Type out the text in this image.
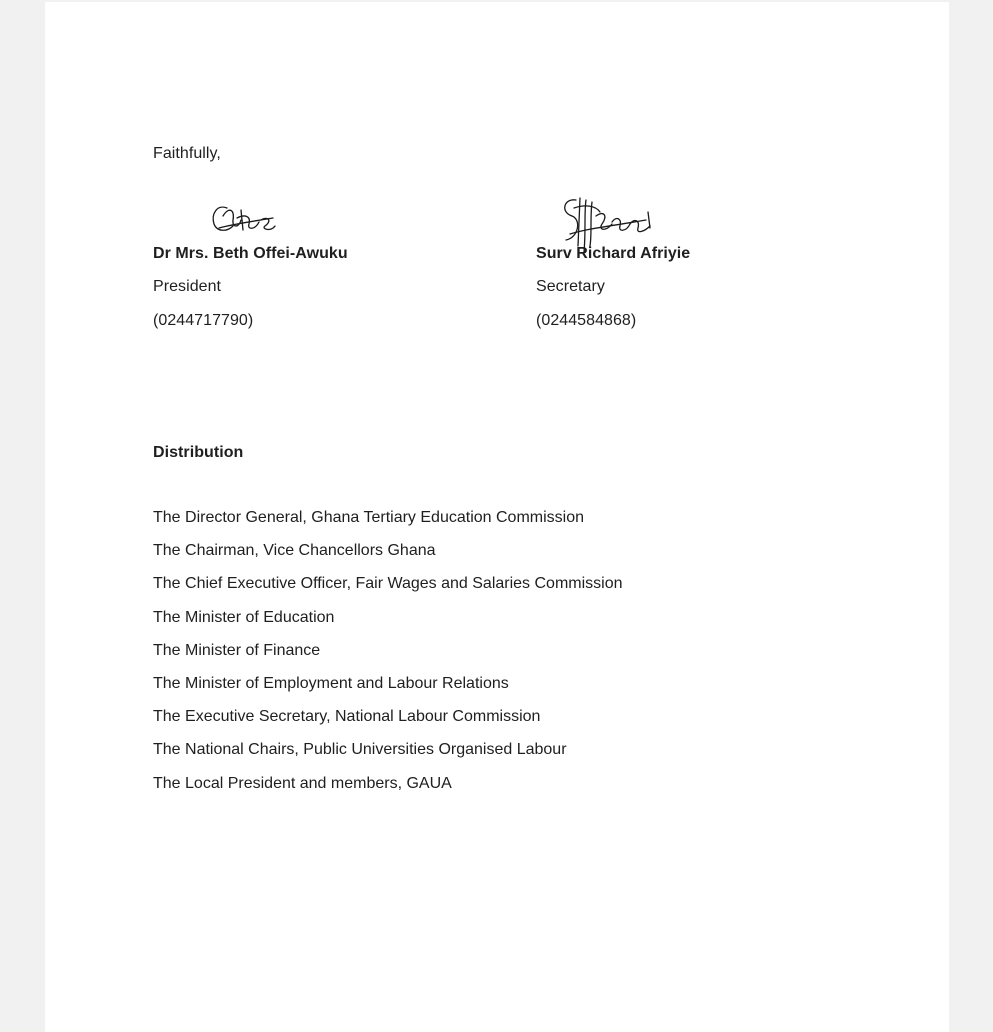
Faithfully,
Dr Mrs. Beth Offei-Awuku
President
(0244717790)
Surv Richard Afriyie
Secretary
(0244584868)
Distribution
The Director General, Ghana Tertiary Education Commission
The Chairman, Vice Chancellors Ghana
The Chief Executive Officer, Fair Wages and Salaries Commission
The Minister of Education
The Minister of Finance
The Minister of Employment and Labour Relations
The Executive Secretary, National Labour Commission
The National Chairs, Public Universities Organised Labour
The Local President and members, GAUA
